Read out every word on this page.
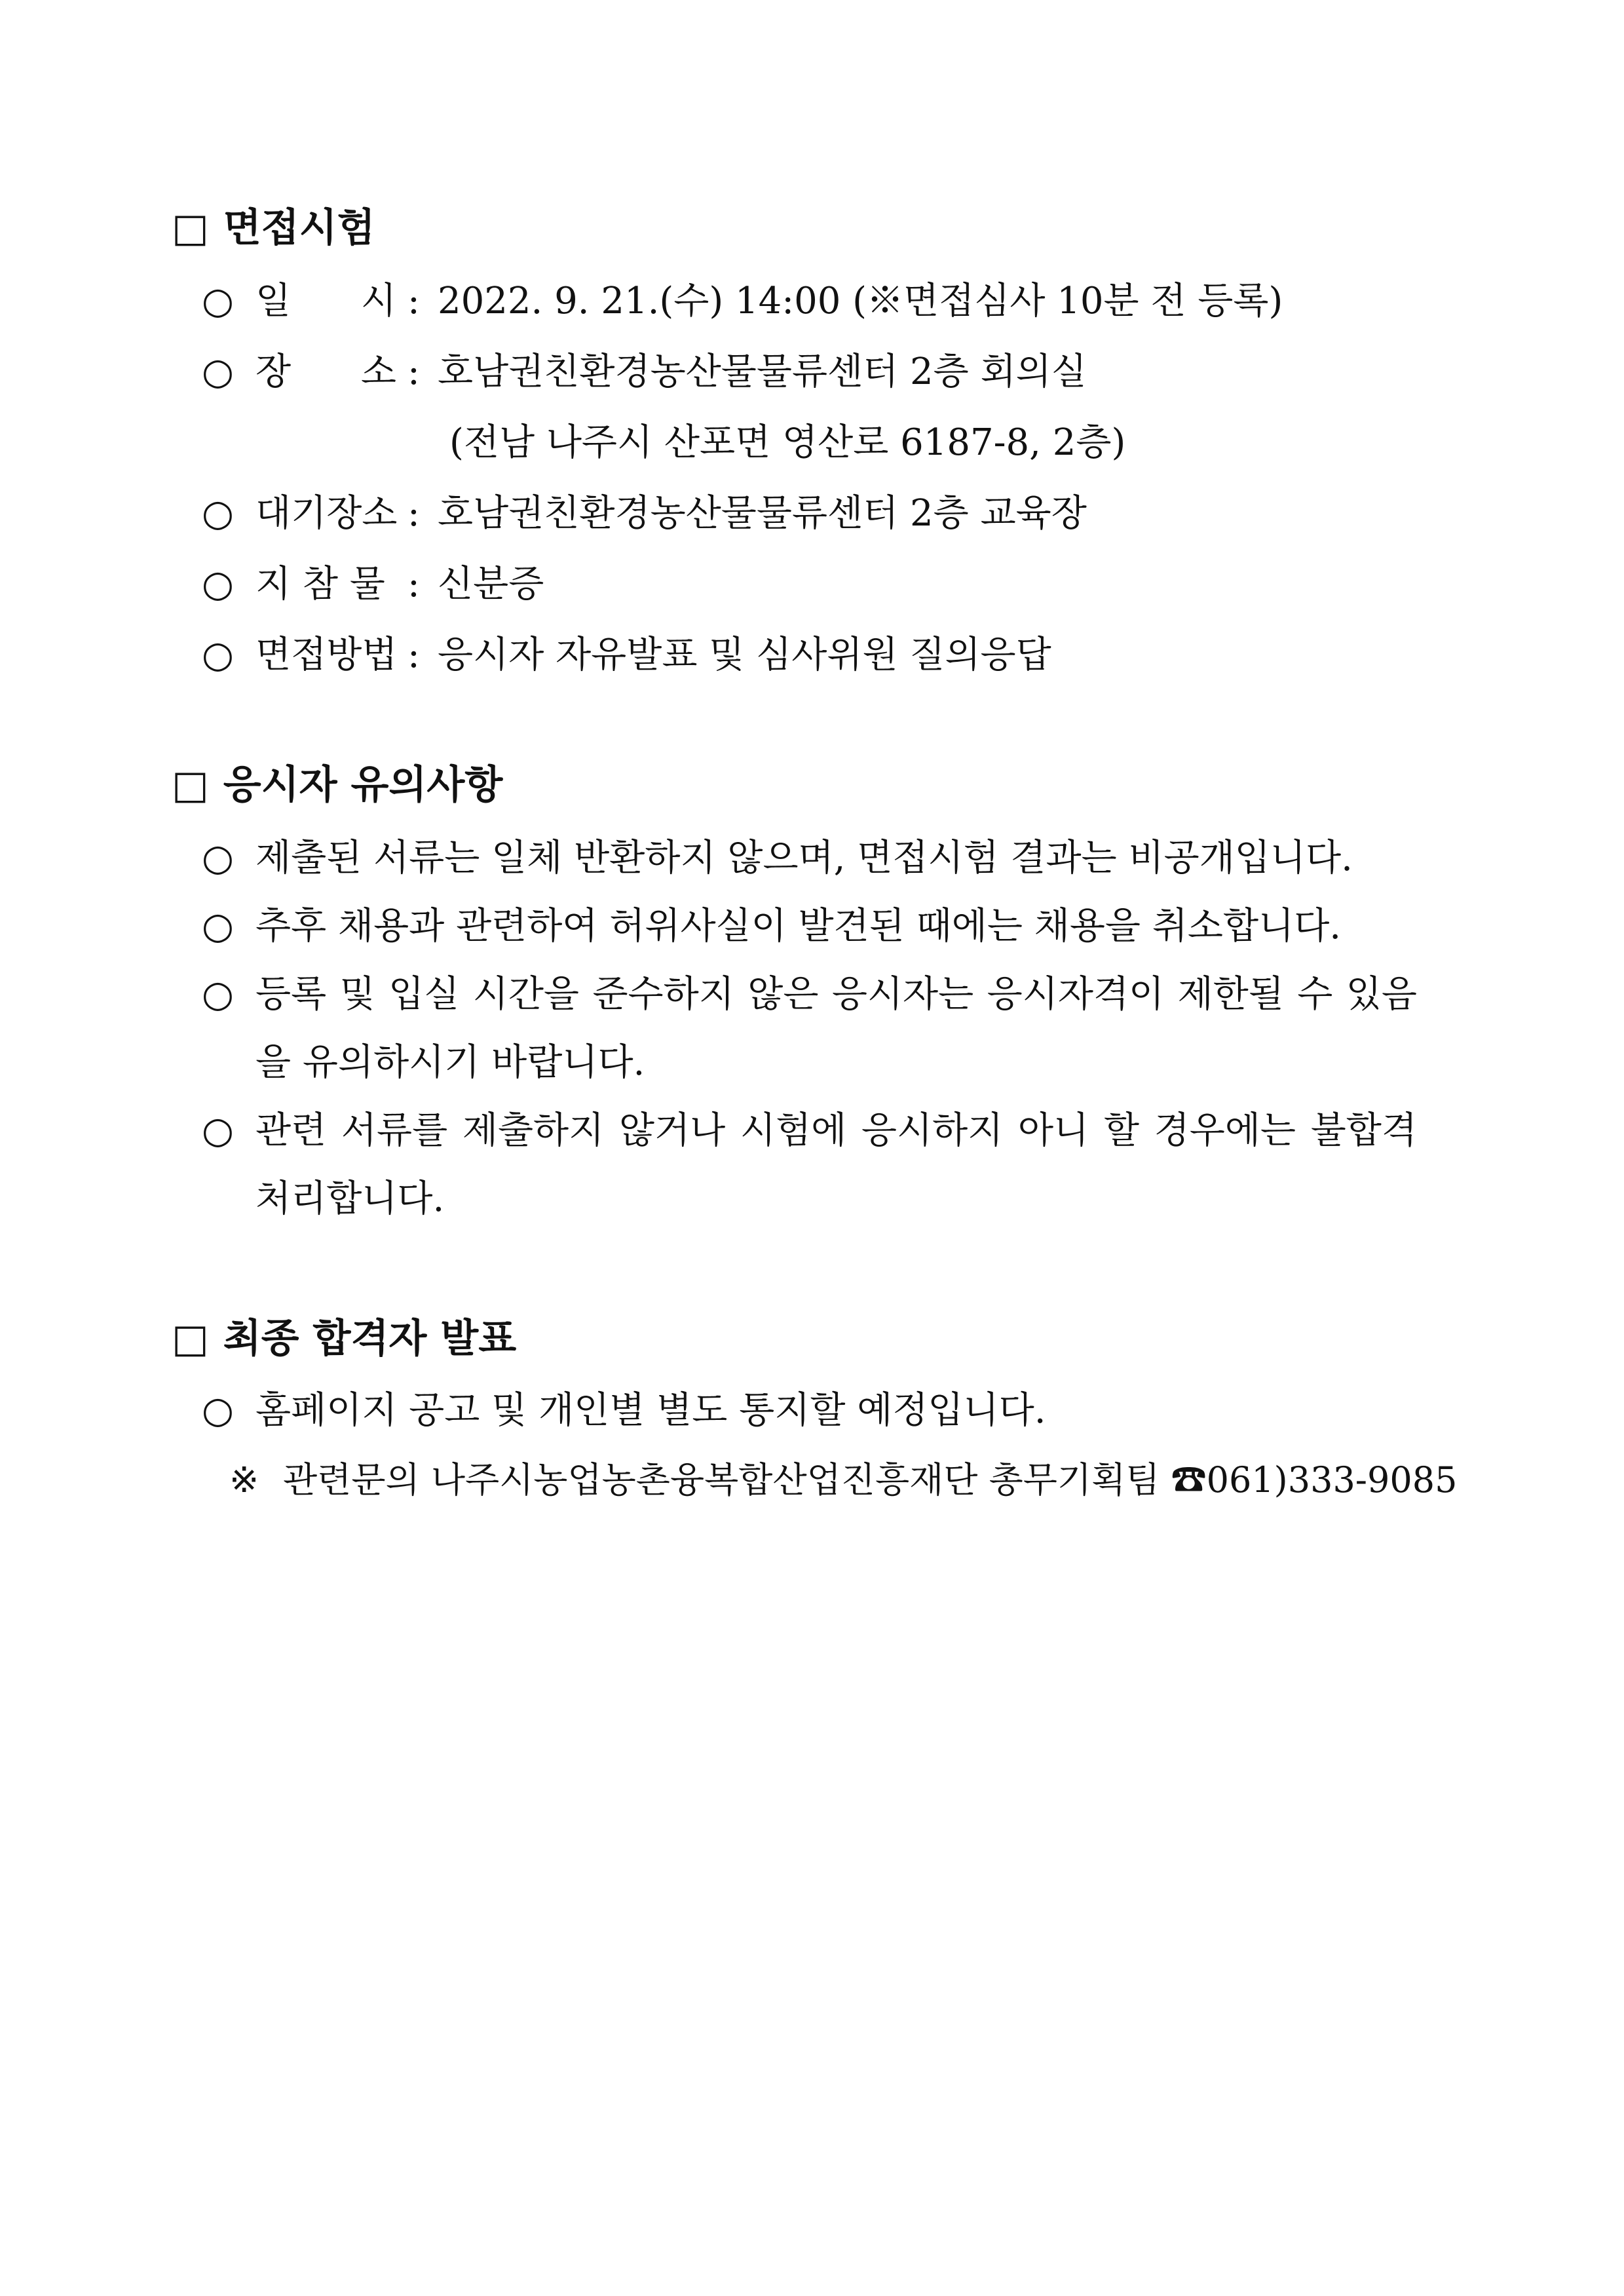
□ 면접시험
○ 일      시 : 2022. 9. 21.(수) 14:00 (※면접심사 10분 전 등록)
○ 장      소 : 호남권친환경농산물물류센터 2층 회의실
(전남 나주시 산포면 영산로 6187-8, 2층)
○ 대기장소 : 호남권친환경농산물물류센터 2층 교육장
○ 지 참 물 : 신분증
○ 면접방법 : 응시자 자유발표 및 심사위원 질의응답
□ 응시자 유의사항
○ 제출된 서류는 일체 반환하지 않으며, 면접시험 결과는 비공개입니다.
○ 추후 채용과 관련하여 허위사실이 발견된 때에는 채용을 취소합니다.
○ 등록 및 입실 시간을 준수하지 않은 응시자는 응시자격이 제한될 수 있음을 유의하시기 바랍니다.
○ 관련 서류를 제출하지 않거나 시험에 응시하지 아니 할 경우에는 불합격 처리합니다.
□ 최종 합격자 발표
○ 홈페이지 공고 및 개인별 별도 통지할 예정입니다.
※ 관련문의 나주시농업농촌융복합산업진흥재단 총무기획팀 ☎061)333-9085
